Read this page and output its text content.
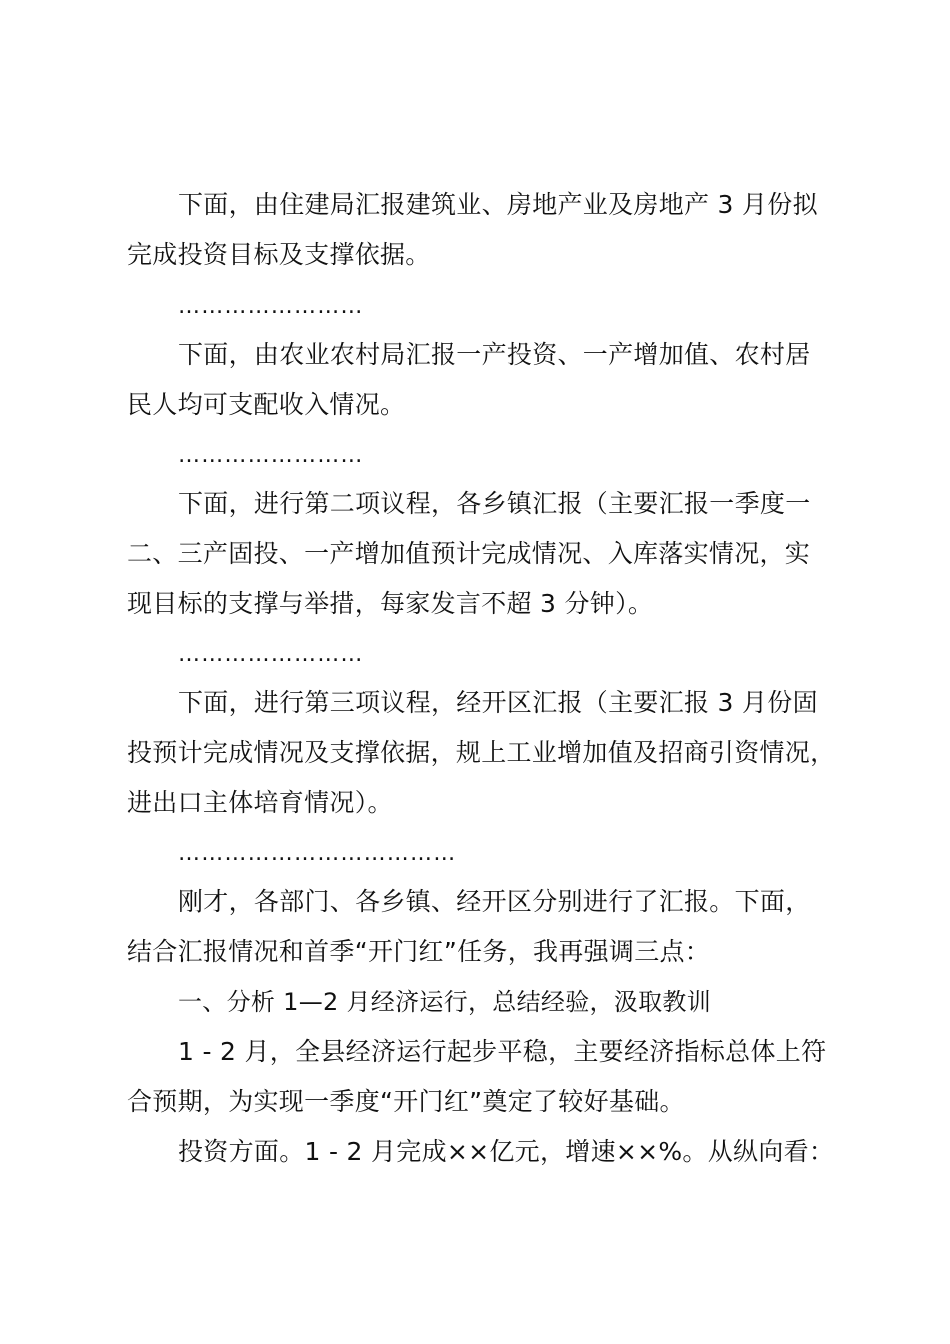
下面，由住建局汇报建筑业、房地产业及房地产 3 月份拟
完成投资目标及支撑依据。
……………………
下面，由农业农村局汇报一产投资、一产增加值、农村居
民人均可支配收入情况。
……………………
下面，进行第二项议程，各乡镇汇报（主要汇报一季度一
二、三产固投、一产增加值预计完成情况、入库落实情况，实
现目标的支撑与举措，每家发言不超 3 分钟）。
……………………
下面，进行第三项议程，经开区汇报（主要汇报 3 月份固
投预计完成情况及支撑依据，规上工业增加值及招商引资情况，
进出口主体培育情况）。
………………………………
刚才，各部门、各乡镇、经开区分别进行了汇报。下面，
结合汇报情况和首季“开门红”任务，我再强调三点：
一、分析 1—2 月经济运行，总结经验，汲取教训
1 - 2 月，全县经济运行起步平稳，主要经济指标总体上符
合预期，为实现一季度“开门红”奠定了较好基础。
投资方面。1 - 2 月完成××亿元，增速××%。从纵向看：
